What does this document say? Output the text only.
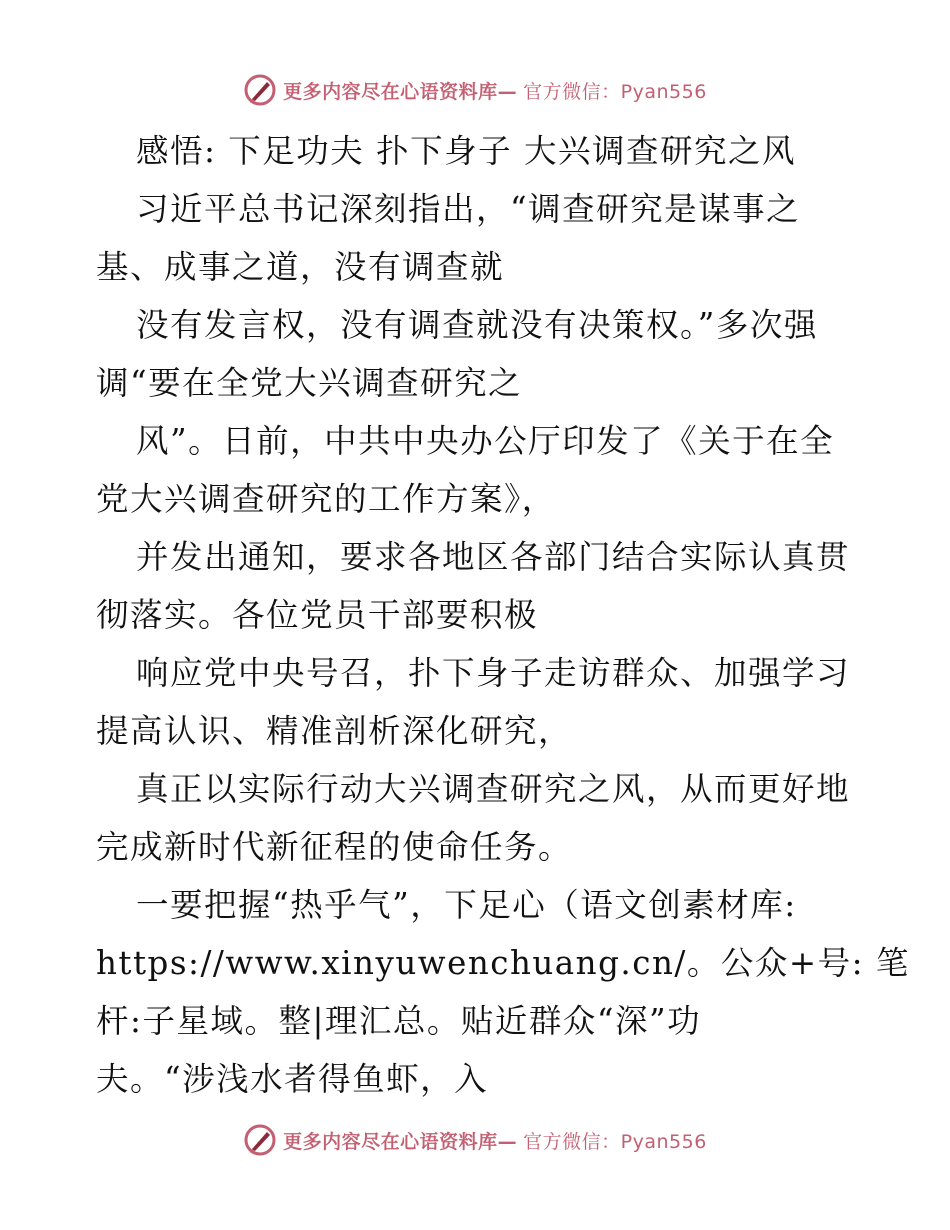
更多内容尽在心语资料库— 官方微信：Pyan556
感悟: 下足功夫 扑下身子 大兴调查研究之风
习近平总书记深刻指出，“调查研究是谋事之
基、成事之道，没有调查就
没有发言权，没有调查就没有决策权。”多次强
调“要在全党大兴调查研究之
风”。日前，中共中央办公厅印发了《关于在全
党大兴调查研究的工作方案》，
并发出通知，要求各地区各部门结合实际认真贯
彻落实。各位党员干部要积极
响应党中央号召，扑下身子走访群众、加强学习
提高认识、精准剖析深化研究，
真正以实际行动大兴调查研究之风，从而更好地
完成新时代新征程的使命任务。
一要把握“热乎气”，下足心（语文创素材库:
https://www.xinyuwenchuang.cn/。公众+号: 笔
杆:子星域。整|理汇总。贴近群众“深”功
夫。“涉浅水者得鱼虾，入
更多内容尽在心语资料库— 官方微信：Pyan556
